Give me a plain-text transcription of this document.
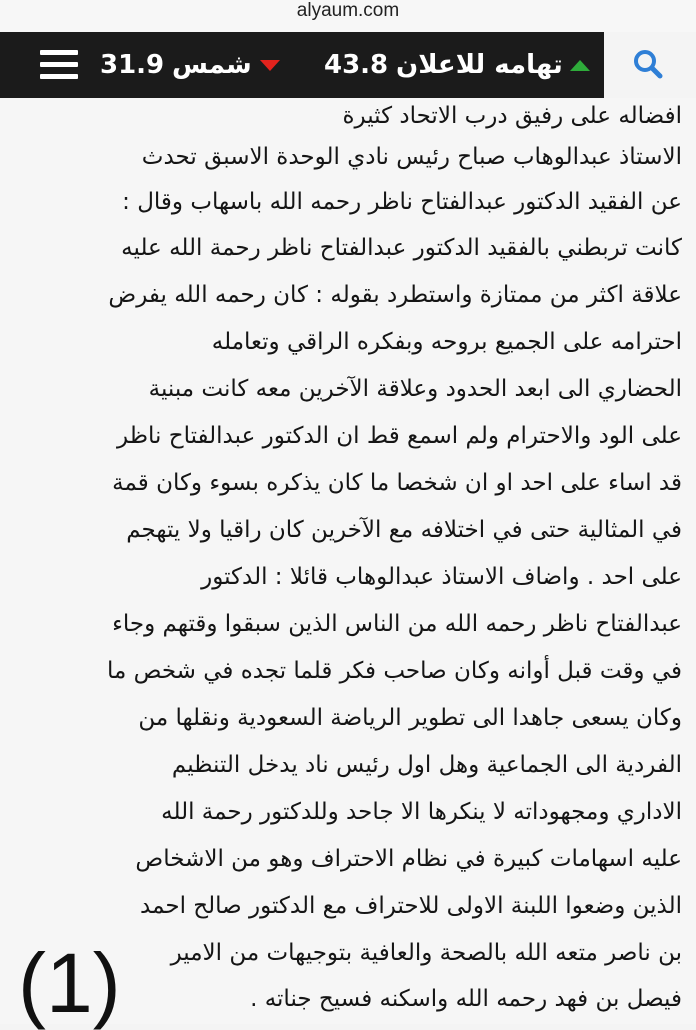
alyaum.com
31.9 شمس	43.8 تهامه للاعلان
افضاله على رفيق درب الاتحاد كثيرة
الاستاذ عبدالوهاب صباح رئيس نادي الوحدة الاسبق تحدث
عن الفقيد الدكتور عبدالفتاح ناظر رحمه الله باسهاب وقال :
كانت تربطني بالفقيد الدكتور عبدالفتاح ناظر رحمة الله عليه
علاقة اكثر من ممتازة واستطرد بقوله : كان رحمه الله يفرض
احترامه على الجميع بروحه وبفكره الراقي وتعامله
الحضاري الى ابعد الحدود وعلاقة الآخرين معه كانت مبنية
على الود والاحترام ولم اسمع قط ان الدكتور عبدالفتاح ناظر
قد اساء على احد او ان شخصا ما كان يذكره بسوء وكان قمة
في المثالية حتى في اختلافه مع الآخرين كان راقيا ولا يتهجم
على احد . واضاف الاستاذ عبدالوهاب قائلا : الدكتور
عبدالفتاح ناظر رحمه الله من الناس الذين سبقوا وقتهم وجاء
في وقت قبل أوانه وكان صاحب فكر قلما تجده في شخص ما
وكان يسعى جاهدا الى تطوير الرياضة السعودية ونقلها من
الفردية الى الجماعية وهل اول رئيس ناد يدخل التنظيم
الاداري ومجهوداته لا ينكرها الا جاحد وللدكتور رحمة الله
عليه اسهامات كبيرة في نظام الاحتراف وهو من الاشخاص
الذين وضعوا اللبنة الاولى للاحتراف مع الدكتور صالح احمد
بن ناصر متعه الله بالصحة والعافية بتوجيهات من الامير
فيصل بن فهد رحمه الله واسكنه فسيح جناته .
(1)
